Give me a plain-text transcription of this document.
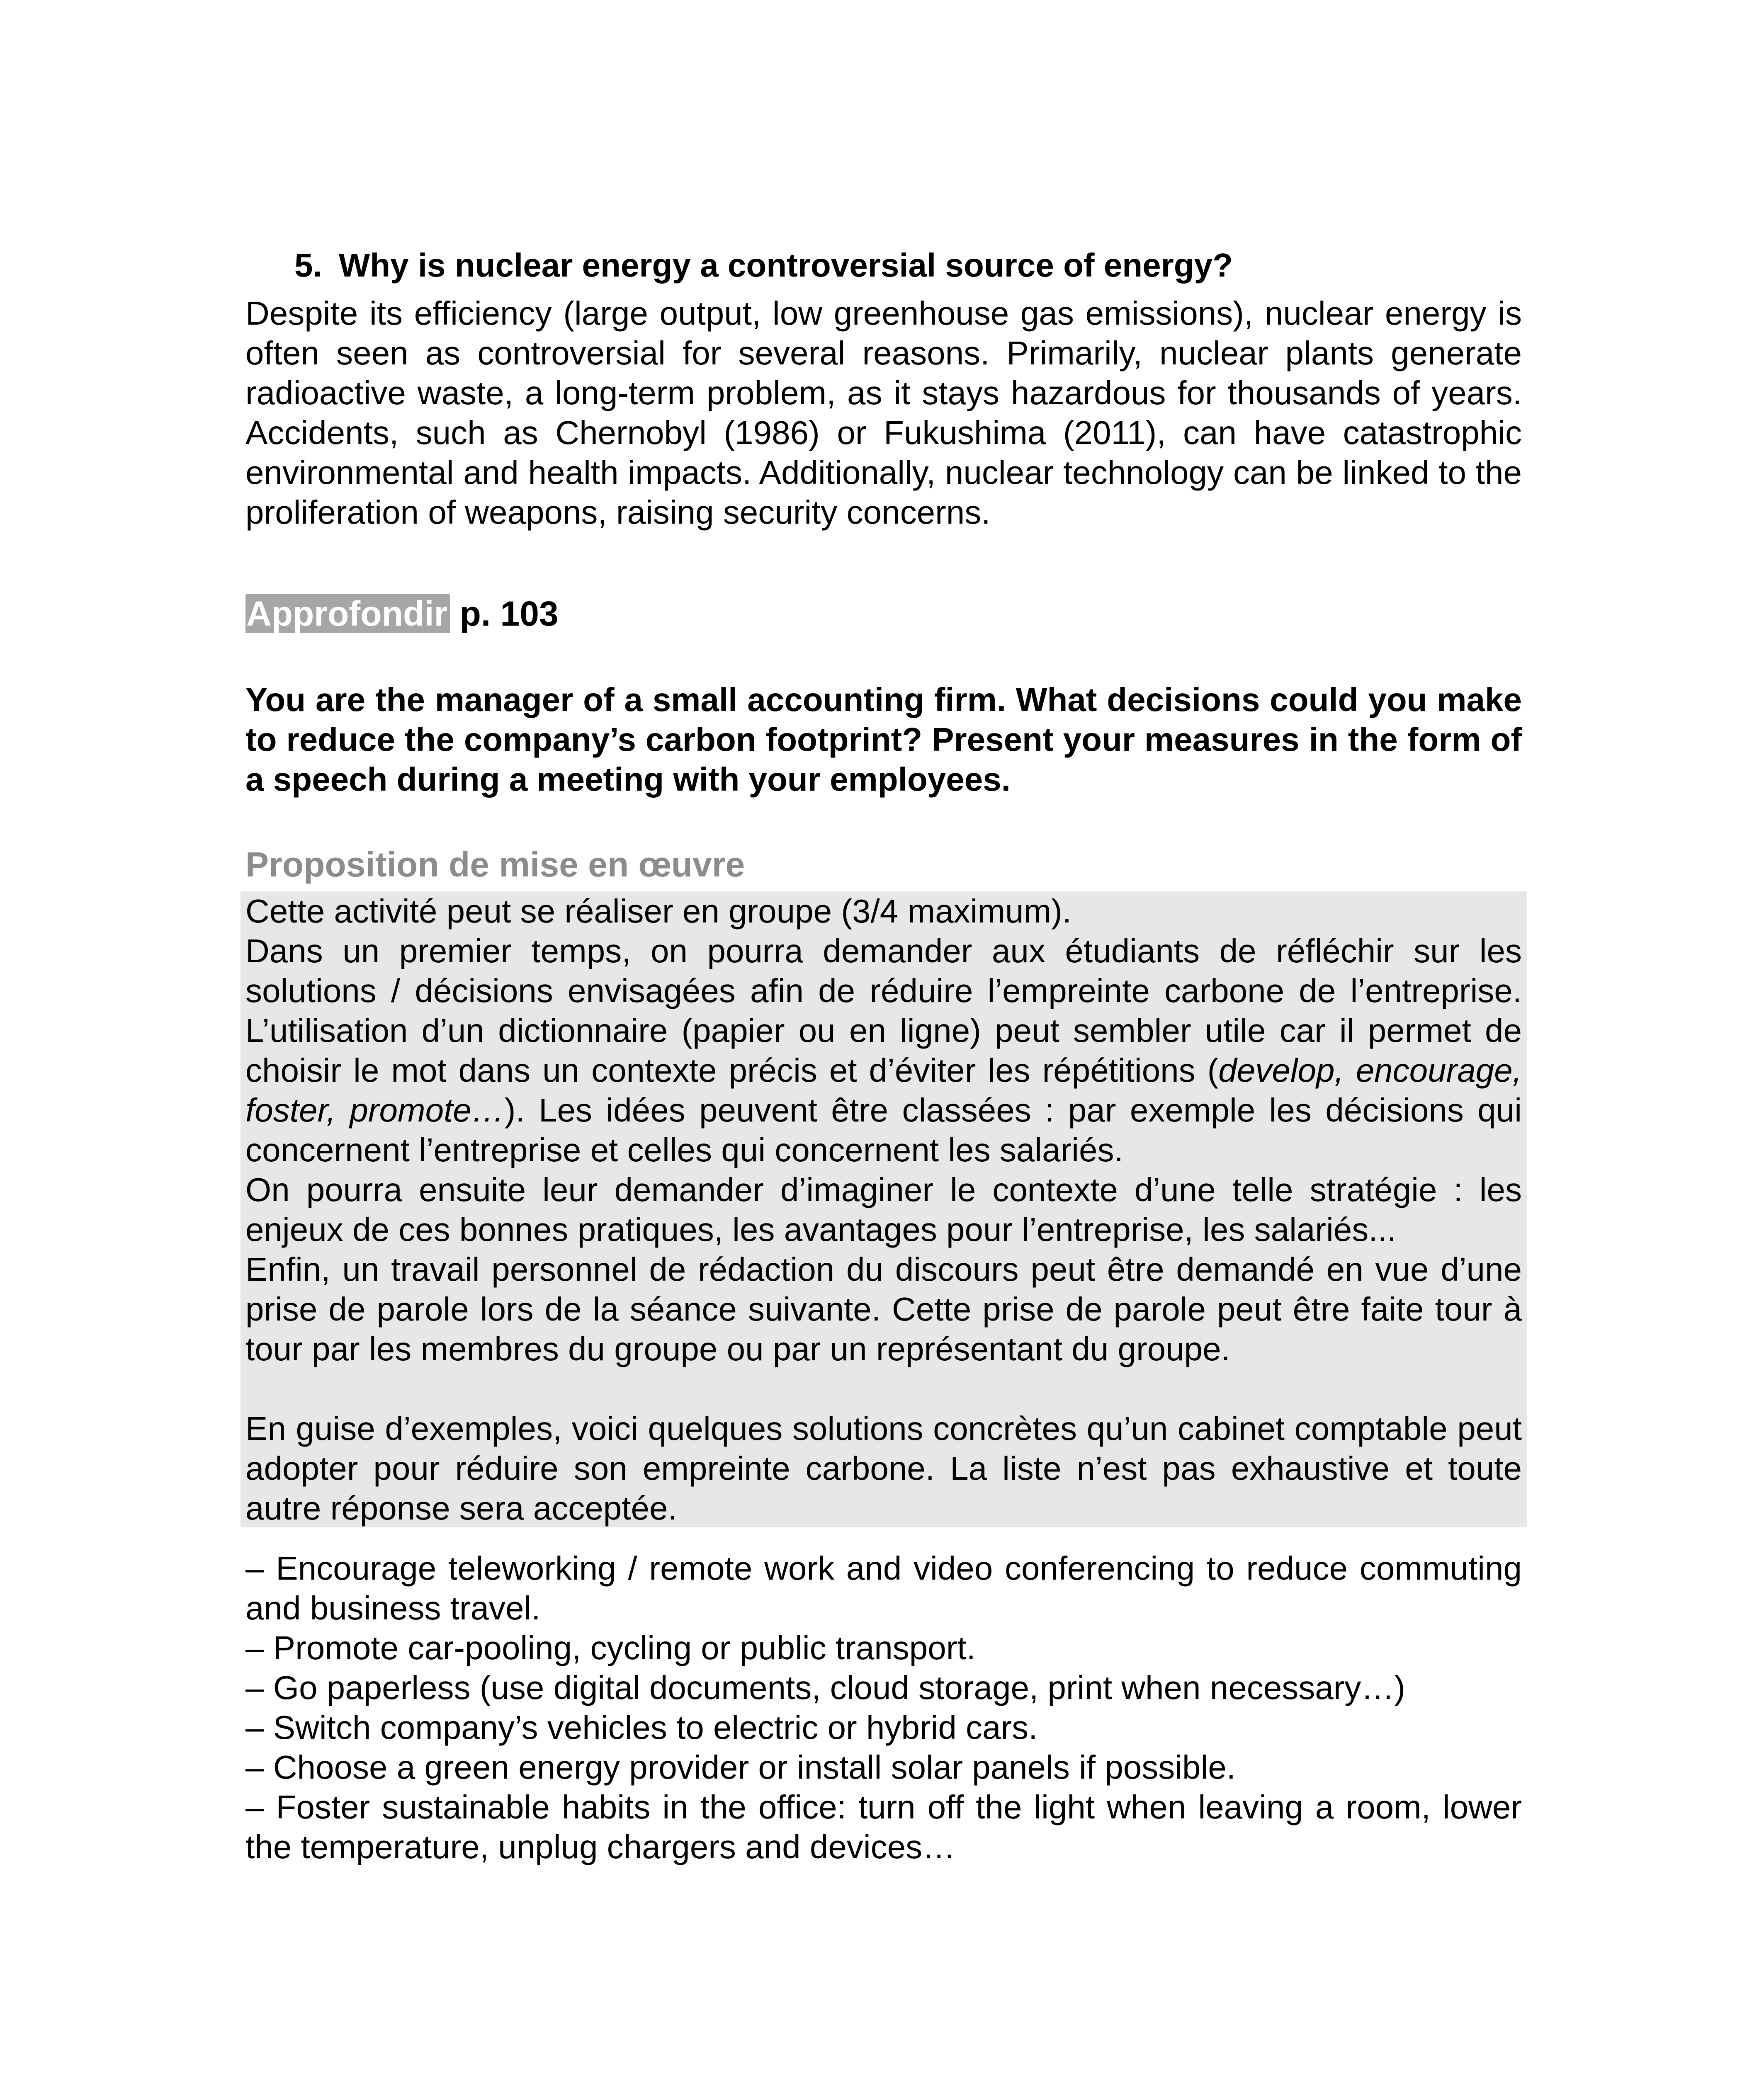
5. Why is nuclear energy a controversial source of energy?
Despite its efficiency (large output, low greenhouse gas emissions), nuclear energy is often seen as controversial for several reasons. Primarily, nuclear plants generate radioactive waste, a long-term problem, as it stays hazardous for thousands of years. Accidents, such as Chernobyl (1986) or Fukushima (2011), can have catastrophic environmental and health impacts. Additionally, nuclear technology can be linked to the proliferation of weapons, raising security concerns.
Approfondir p. 103
You are the manager of a small accounting firm. What decisions could you make to reduce the company’s carbon footprint? Present your measures in the form of a speech during a meeting with your employees.
Proposition de mise en œuvre

Cette activité peut se réaliser en groupe (3/4 maximum).

Dans un premier temps, on pourra demander aux étudiants de réfléchir sur les solutions / décisions envisagées afin de réduire l’empreinte carbone de l’entreprise. L’utilisation d’un dictionnaire (papier ou en ligne) peut sembler utile car il permet de choisir le mot dans un contexte précis et d’éviter les répétitions (develop, encourage, foster, promote…). Les idées peuvent être classées : par exemple les décisions qui concernent l’entreprise et celles qui concernent les salariés.

On pourra ensuite leur demander d’imaginer le contexte d’une telle stratégie : les enjeux de ces bonnes pratiques, les avantages pour l’entreprise, les salariés...

Enfin, un travail personnel de rédaction du discours peut être demandé en vue d’une prise de parole lors de la séance suivante. Cette prise de parole peut être faite tour à tour par les membres du groupe ou par un représentant du groupe.

En guise d’exemples, voici quelques solutions concrètes qu’un cabinet comptable peut adopter pour réduire son empreinte carbone. La liste n’est pas exhaustive et toute autre réponse sera acceptée.

– Encourage teleworking / remote work and video conferencing to reduce commuting and business travel.

– Promote car-pooling, cycling or public transport.

– Go paperless (use digital documents, cloud storage, print when necessary…)

– Switch company’s vehicles to electric or hybrid cars.

– Choose a green energy provider or install solar panels if possible.

– Foster sustainable habits in the office: turn off the light when leaving a room, lower the temperature, unplug chargers and devices…
